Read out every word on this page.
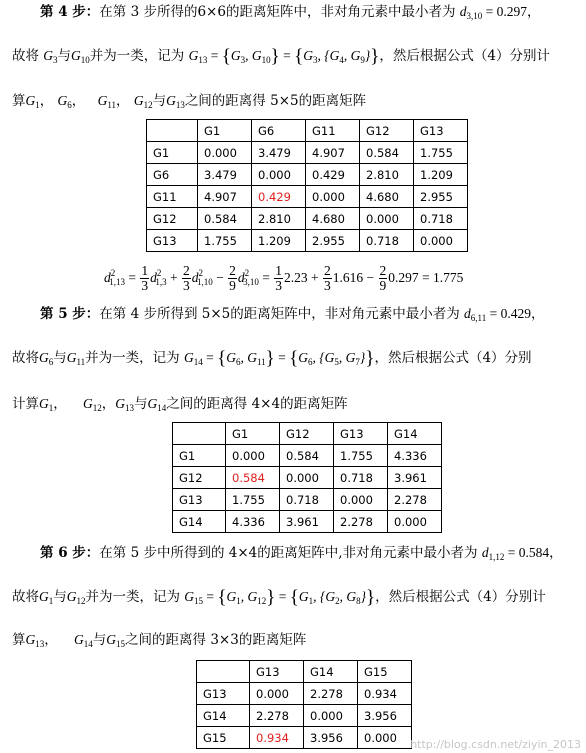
第 4 步：在第 3 步所得的6×6的距离矩阵中，非对角元素中最小者为 $d_{3,10} = 0.297$，
故将 $G_3$与$G_{10}$并为一类，记为 $G_{13} = \{G_3$, $G_{10}\} = \{G_3$, {$G_4$, $G_9$}}，然后根据公式（4）分别计
算$G_1$， $G_6$， $G_{11}$， $G_{12}$与$G_{13}$之间的距离得 5×5的距离矩阵
	G1	G6	G11	G12	G13
G1	0.000	3.479	4.907	0.584	1.755
G6	3.479	0.000	0.429	2.810	1.209
G11	4.907	0.429	0.000	4.680	2.955
G12	0.584	2.810	4.680	0.000	0.718
G13	1.755	1.209	2.955	0.718	0.000
$d^2_{1,13} = \frac{1}{3} d^2_{1,3} + \frac{2}{3} d^2_{1,10} - \frac{2}{9} d^2_{3,10} = \frac{1}{3} 2.23 + \frac{2}{3} 1.616 - \frac{2}{9} 0.297 = 1.775$
第 5 步：在第 4 步所得到 5×5的距离矩阵中，非对角元素中最小者为 $d_{6,11} = 0.429$，
故将$G_6$与$G_{11}$并为一类，记为 $G_{14} = \{G_6$, $G_{11}\} = \{G_6$, {$G_5$, $G_7$}}，然后根据公式（4）分别
计算$G_1$， $G_{12}$，$G_{13}$与$G_{14}$之间的距离得 4×4的距离矩阵
	G1	G12	G13	G14
G1	0.000	0.584	1.755	4.336
G12	0.584	0.000	0.718	3.961
G13	1.755	0.718	0.000	2.278
G14	4.336	3.961	2.278	0.000
第 6 步：在第 5 步中所得到的 4×4的距离矩阵中,非对角元素中最小者为 $d_{1,12} = 0.584$，
故将$G_1$与$G_{12}$并为一类，记为 $G_{15} = \{G_1$, $G_{12}\} = \{G_1$, {$G_2$, $G_8$}}，然后根据公式（4）分别计
算$G_{13}$， $G_{14}$与$G_{15}$之间的距离得 3×3的距离矩阵
	G13	G14	G15
G13	0.000	2.278	0.934
G14	2.278	0.000	3.956
G15	0.934	3.956	0.000 http://blog.csdn.net/ziyin_2013
